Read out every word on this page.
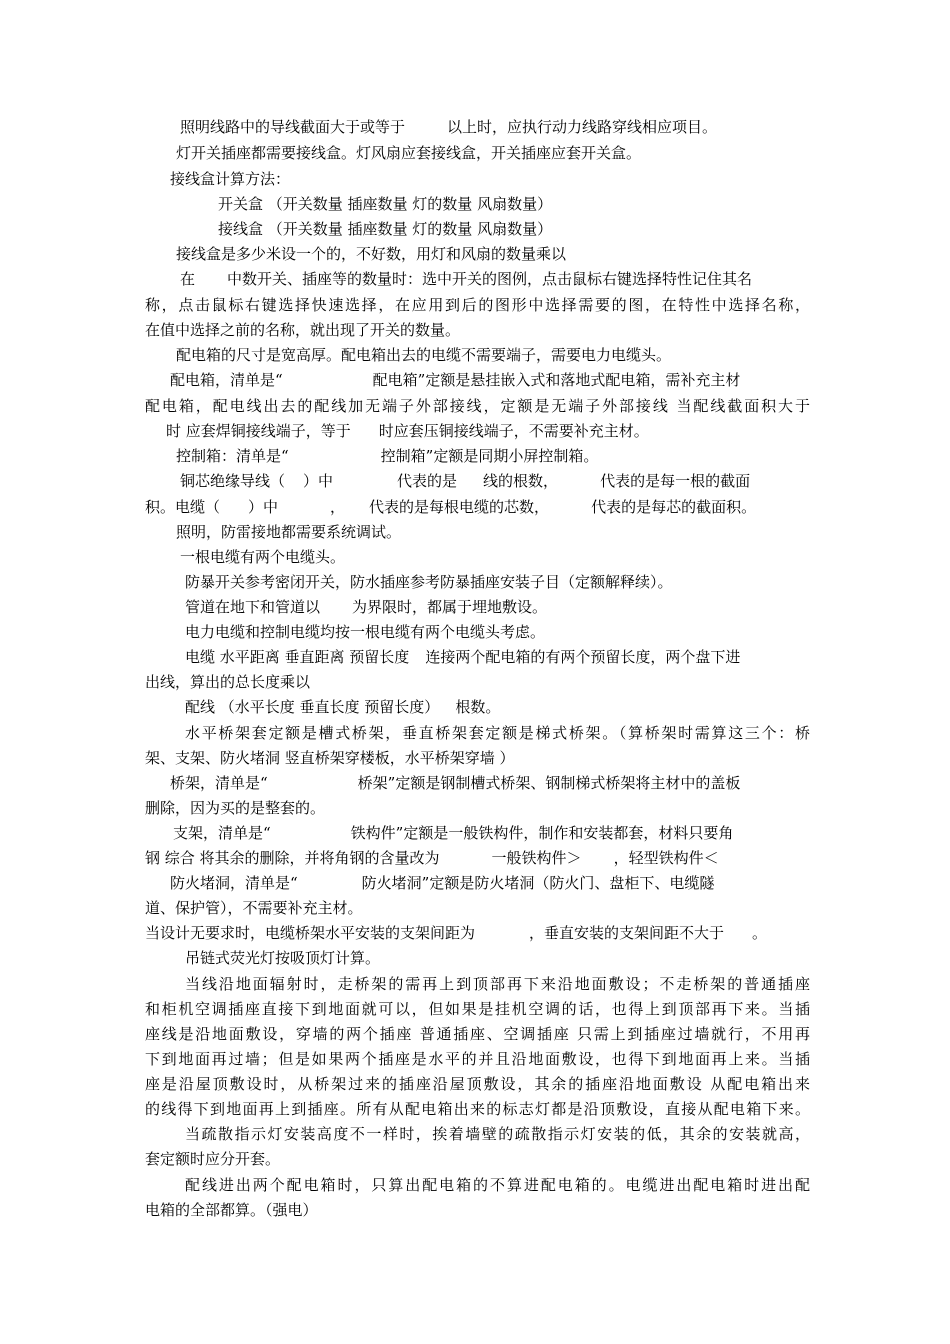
照明线路中的导线截面大于或等于	以上时，应执行动力线路穿线相应项目。

灯开关插座都需要接线盒。灯风扇应套接线盒，开关插座应套开关盒。

接线盒计算方法：

开关盒 （开关数量 插座数量 灯的数量 风扇数量）

接线盒 （开关数量 插座数量 灯的数量 风扇数量）

接线盒是多少米设一个的，不好数，用灯和风扇的数量乘以

在 中数开关、插座等的数量时：选中开关的图例，点击鼠标右键选择特性记住其名

称，点击鼠标右键选择快速选择，在应用到后的图形中选择需要的图，在特性中选择名称，

在值中选择之前的名称，就出现了开关的数量。

配电箱的尺寸是宽高厚。配电箱出去的电缆不需要端子，需要电力电缆头。

配电箱，清单是“	配电箱”定额是悬挂嵌入式和落地式配电箱，需补充主材

配电箱，配电线出去的配线加无端子外部接线，定额是无端子外部接线 当配线截面积大于

时 应套焊铜接线端子，等于 时应套压铜接线端子，不需要补充主材。

控制箱：清单是“	控制箱”定额是同期小屏控制箱。

铜芯绝缘导线（ ）中	代表的是 线的根数，	代表的是每一根的截面

积。电缆（ ）中	， 代表的是每根电缆的芯数，	代表的是每芯的截面积。

照明，防雷接地都需要系统调试。

一根电缆有两个电缆头。

防暴开关参考密闭开关，防水插座参考防暴插座安装子目（定额解释续）。

管道在地下和管道以 为界限时，都属于埋地敷设。

电力电缆和控制电缆均按一根电缆有两个电缆头考虑。

电缆 水平距离 垂直距离 预留长度 连接两个配电箱的有两个预留长度，两个盘下进

出线，算出的总长度乘以

配线 （水平长度 垂直长度 预留长度） 根数。

水平桥架套定额是槽式桥架，垂直桥架套定额是梯式桥架。（算桥架时需算这三个：桥

架、支架、防火堵洞 竖直桥架穿楼板，水平桥架穿墙 ）

桥架，清单是“	桥架”定额是钢制槽式桥架、钢制梯式桥架将主材中的盖板

删除，因为买的是整套的。

支架，清单是“	铁构件”定额是一般铁构件，制作和安装都套，材料只要角

钢 综合 将其余的删除，并将角钢的含量改为	一般铁构件＞ ，轻型铁构件＜

防火堵洞，清单是“	防火堵洞”定额是防火堵洞（防火门、盘柜下、电缆隧

道、保护管），不需要补充主材。

当设计无要求时，电缆桥架水平安装的支架间距为	，垂直安装的支架间距不大于 。

吊链式荧光灯按吸顶灯计算。

当线沿地面辐射时，走桥架的需再上到顶部再下来沿地面敷设；不走桥架的普通插座

和柜机空调插座直接下到地面就可以，但如果是挂机空调的话，也得上到顶部再下来。当插

座线是沿地面敷设，穿墙的两个插座 普通插座、空调插座 只需上到插座过墙就行，不用再

下到地面再过墙；但是如果两个插座是水平的并且沿地面敷设，也得下到地面再上来。当插

座是沿屋顶敷设时，从桥架过来的插座沿屋顶敷设，其余的插座沿地面敷设 从配电箱出来

的线得下到地面再上到插座。所有从配电箱出来的标志灯都是沿顶敷设，直接从配电箱下来。

当疏散指示灯安装高度不一样时，挨着墙壁的疏散指示灯安装的低，其余的安装就高，

套定额时应分开套。

配线进出两个配电箱时，只算出配电箱的不算进配电箱的。电缆进出配电箱时进出配

电箱的全部都算。（强电）
